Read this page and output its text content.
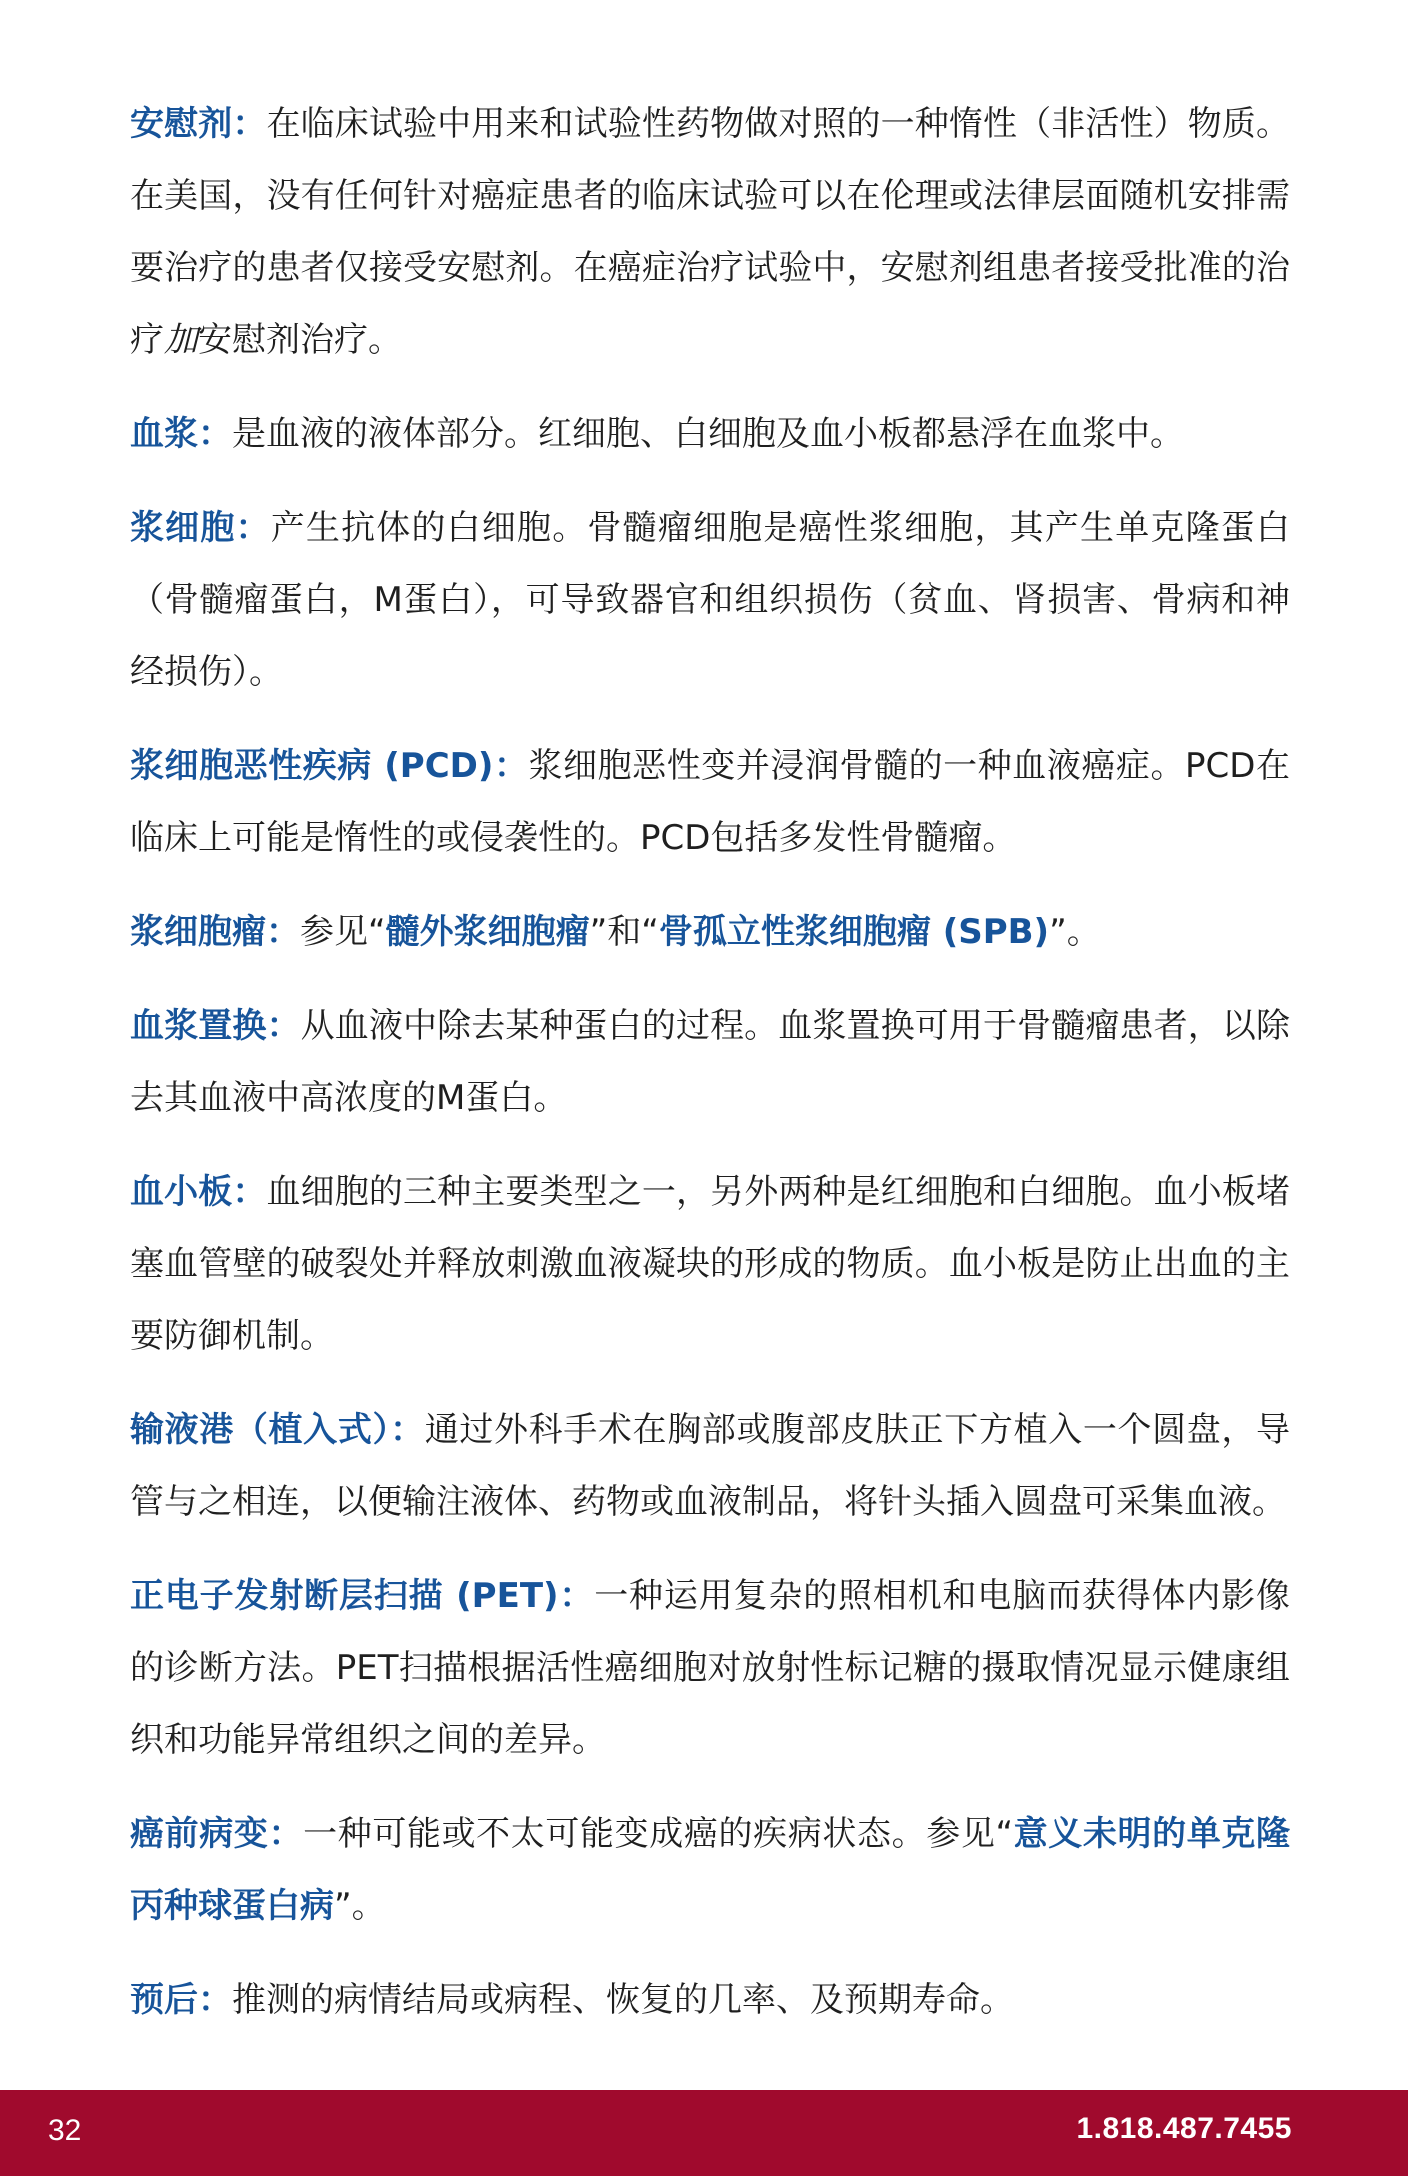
安慰剂：在临床试验中用来和试验性药物做对照的一种惰性（非活性）物质。在美国，没有任何针对癌症患者的临床试验可以在伦理或法律层面随机安排需要治疗的患者仅接受安慰剂。在癌症治疗试验中，安慰剂组患者接受批准的治疗加安慰剂治疗。

血浆：是血液的液体部分。红细胞、白细胞及血小板都悬浮在血浆中。

浆细胞：产生抗体的白细胞。骨髓瘤细胞是癌性浆细胞，其产生单克隆蛋白（骨髓瘤蛋白，M蛋白），可导致器官和组织损伤（贫血、肾损害、骨病和神经损伤）。

浆细胞恶性疾病 (PCD)：浆细胞恶性变并浸润骨髓的一种血液癌症。PCD在临床上可能是惰性的或侵袭性的。PCD包括多发性骨髓瘤。

浆细胞瘤：参见“髓外浆细胞瘤”和“骨孤立性浆细胞瘤 (SPB)”。

血浆置换：从血液中除去某种蛋白的过程。血浆置换可用于骨髓瘤患者，以除去其血液中高浓度的M蛋白。

血小板：血细胞的三种主要类型之一，另外两种是红细胞和白细胞。血小板堵塞血管壁的破裂处并释放刺激血液凝块的形成的物质。血小板是防止出血的主要防御机制。

输液港（植入式）：通过外科手术在胸部或腹部皮肤正下方植入一个圆盘，导管与之相连，以便输注液体、药物或血液制品，将针头插入圆盘可采集血液。

正电子发射断层扫描 (PET)：一种运用复杂的照相机和电脑而获得体内影像的诊断方法。PET扫描根据活性癌细胞对放射性标记糖的摄取情况显示健康组织和功能异常组织之间的差异。

癌前病变：一种可能或不太可能变成癌的疾病状态。参见“意义未明的单克隆丙种球蛋白病”。

预后：推测的病情结局或病程、恢复的几率、及预期寿命。

32	1.818.487.7455
